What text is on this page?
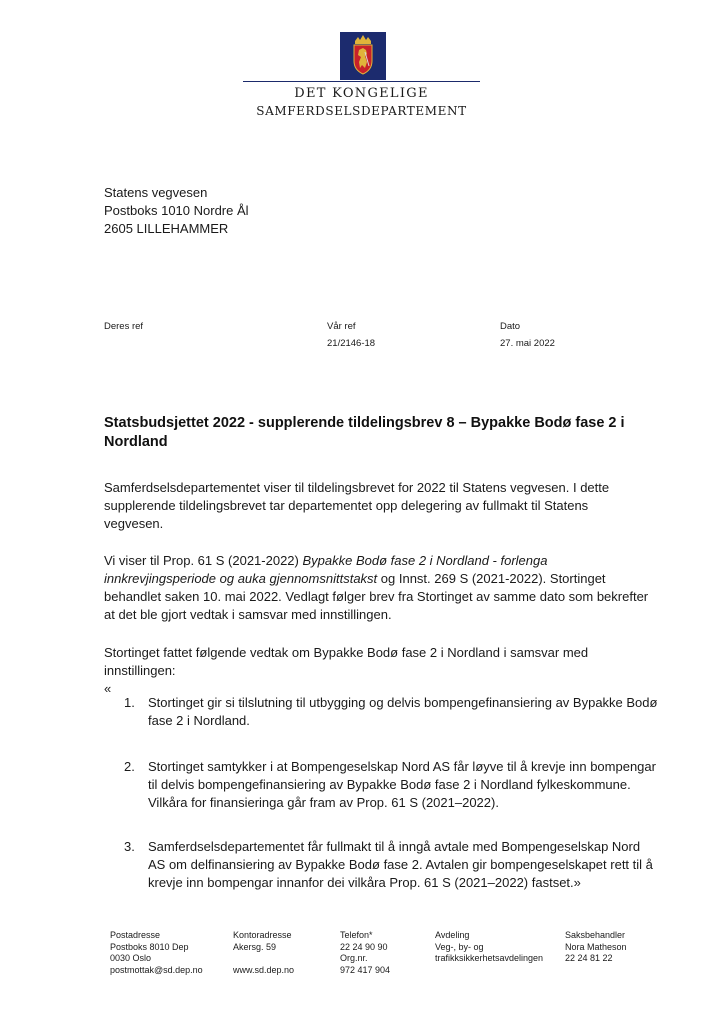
DET KONGELIGE
SAMFERDSELSDEPARTEMENT
Statens vegvesen
Postboks 1010 Nordre Ål
2605 LILLEHAMMER
Deres ref	Vår ref
21/2146-18
Dato
27. mai 2022
Statsbudsjettet 2022 - supplerende tildelingsbrev 8 – Bypakke Bodø fase 2 i Nordland

Samferdselsdepartementet viser til tildelingsbrevet for 2022 til Statens vegvesen. I dette supplerende tildelingsbrevet tar departementet opp delegering av fullmakt til Statens vegvesen.

Vi viser til Prop. 61 S (2021-2022) Bypakke Bodø fase 2 i Nordland - forlenga innkrevjingsperiode og auka gjennomsnittstakst og Innst. 269 S (2021-2022). Stortinget behandlet saken 10. mai 2022. Vedlagt følger brev fra Stortinget av samme dato som bekrefter at det ble gjort vedtak i samsvar med innstillingen.

Stortinget fattet følgende vedtak om Bypakke Bodø fase 2 i Nordland i samsvar med innstillingen:

«

1. Stortinget gir si tilslutning til utbygging og delvis bompengefinansiering av Bypakke Bodø fase 2 i Nordland.
2. Stortinget samtykker i at Bompengeselskap Nord AS får løyve til å krevje inn bompengar til delvis bompengefinansiering av Bypakke Bodø fase 2 i Nordland fylkeskommune. Vilkåra for finansieringa går fram av Prop. 61 S (2021–2022).
3. Samferdselsdepartementet får fullmakt til å inngå avtale med Bompengeselskap Nord AS om delfinansiering av Bypakke Bodø fase 2. Avtalen gir bompengeselskapet rett til å krevje inn bompengar innanfor dei vilkåra Prop. 61 S (2021–2022) fastset.»
Postadresse
Postboks 8010 Dep
0030 Oslo
postmottak@sd.dep.no
Kontoradresse
Akersg. 59
www.sd.dep.no
Telefon*
22 24 90 90
Org.nr.
972 417 904
Avdeling
Veg-, by- og
trafikksikkerhetsavdelingen
Saksbehandler
Nora Matheson
22 24 81 22
